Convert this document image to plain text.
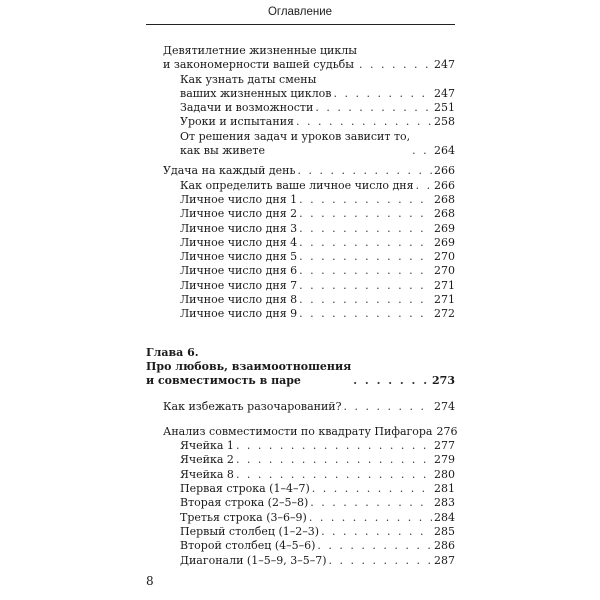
Оглавление
Девятилетние жизненные циклы
и закономерности вашей судьбы . . .	247
Как узнать даты смены
ваших жизненных циклов . . .	247
Задачи и возможности . . .	251
Уроки и испытания . . .	258
От решения задач и уроков зависит то,
как вы живете . . .	264
Удача на каждый день . . .	266
Как определить ваше личное число дня . . . 266
Личное число дня 1 . . .	268
Личное число дня 2 . . .	268
Личное число дня 3 . . .	269
Личное число дня 4 . . .	269
Личное число дня 5 . . .	270
Личное число дня 6 . . .	270
Личное число дня 7 . . .	271
Личное число дня 8 . . .	271
Личное число дня 9 . . .	272
Глава 6.
Про любовь, взаимоотношения
и совместимость в паре . . .	273
Как избежать разочарований? . . .	274
Анализ совместимости по квадрату Пифагора 276
Ячейка 1 . . .	277
Ячейка 2 . . .	279
Ячейка 8 . . .	280
Первая строка (1–4–7) . . .	281
Вторая строка (2–5–8) . . .	283
Третья строка (3–6–9) . . .	284
Первый столбец (1–2–3) . . .	285
Второй столбец (4–5–6) . . .	286
Диагонали (1–5–9, 3–5–7) . . .	287
8
